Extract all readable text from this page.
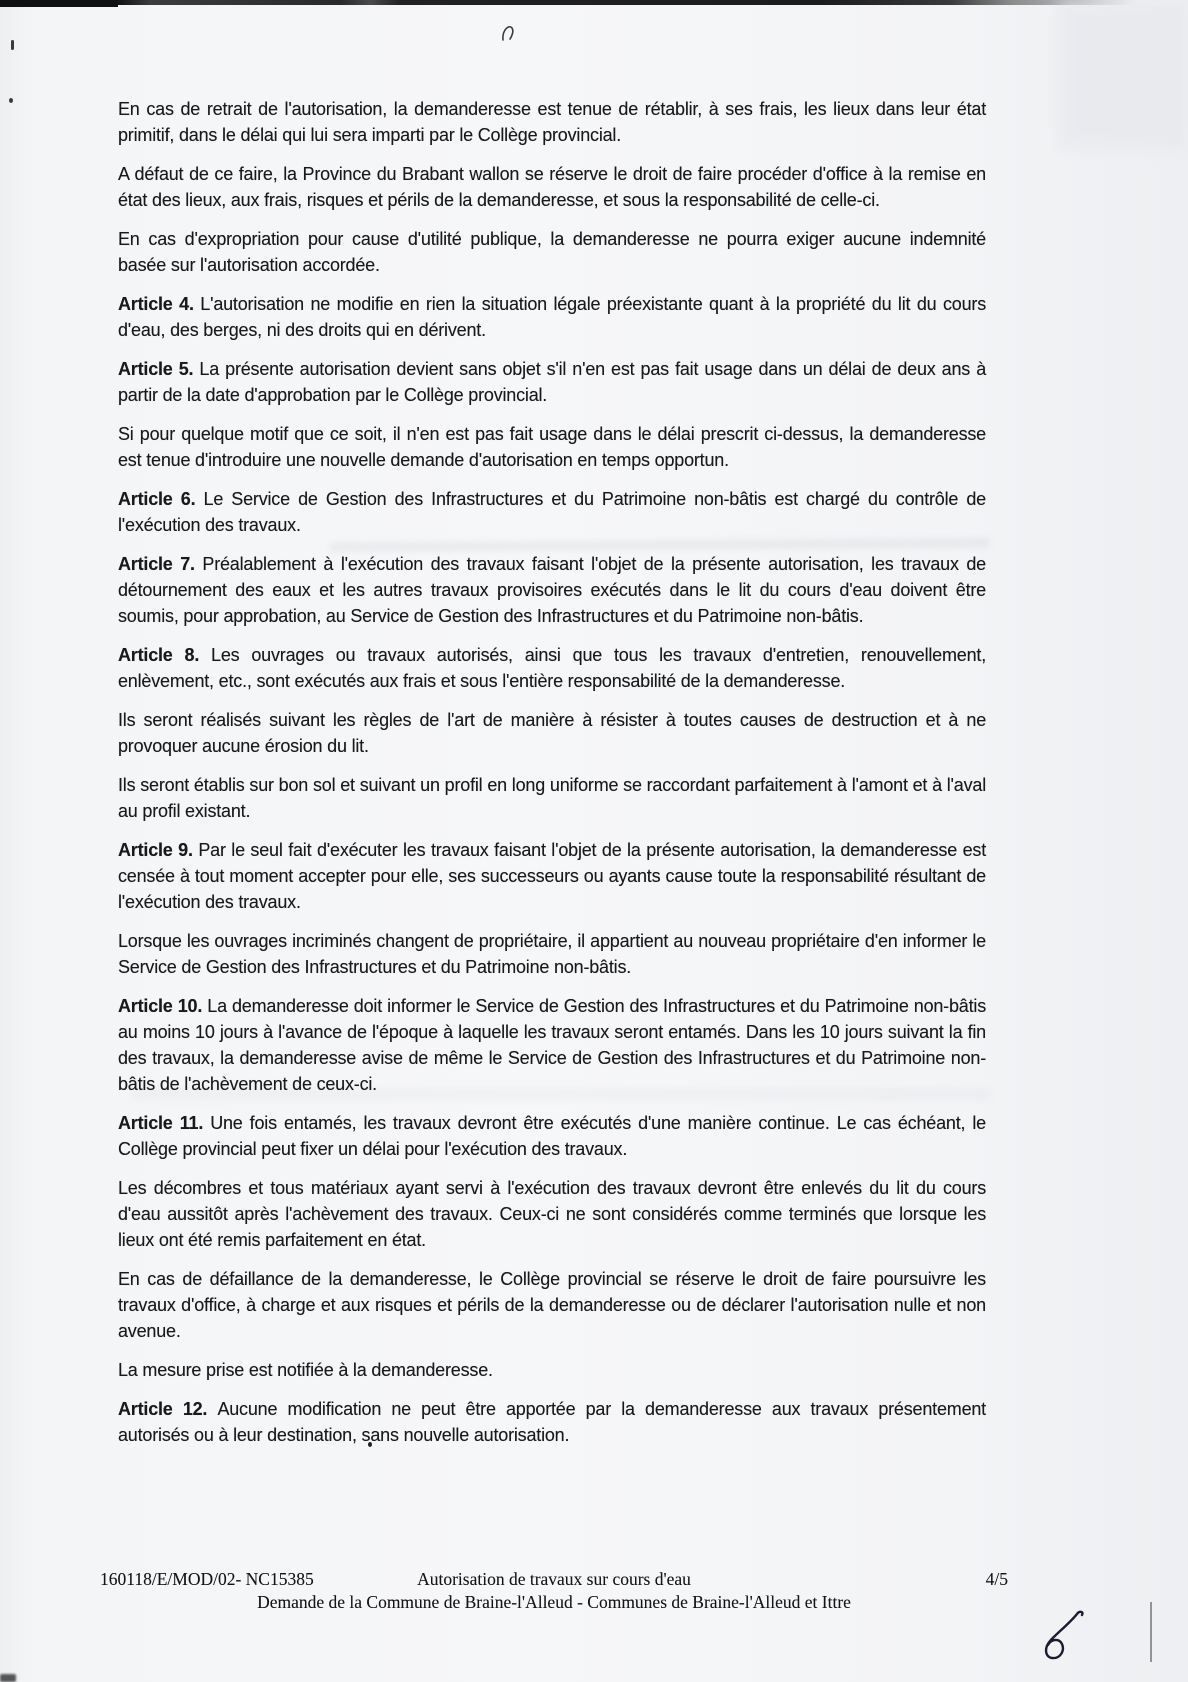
En cas de retrait de l'autorisation, la demanderesse est tenue de rétablir, à ses frais, les lieux dans leur état primitif, dans le délai qui lui sera imparti par le Collège provincial.

A défaut de ce faire, la Province du Brabant wallon se réserve le droit de faire procéder d'office à la remise en état des lieux, aux frais, risques et périls de la demanderesse, et sous la responsabilité de celle-ci.

En cas d'expropriation pour cause d'utilité publique, la demanderesse ne pourra exiger aucune indemnité basée sur l'autorisation accordée.

Article 4. L'autorisation ne modifie en rien la situation légale préexistante quant à la propriété du lit du cours d'eau, des berges, ni des droits qui en dérivent.

Article 5. La présente autorisation devient sans objet s'il n'en est pas fait usage dans un délai de deux ans à partir de la date d'approbation par le Collège provincial.

Si pour quelque motif que ce soit, il n'en est pas fait usage dans le délai prescrit ci-dessus, la demanderesse est tenue d'introduire une nouvelle demande d'autorisation en temps opportun.

Article 6. Le Service de Gestion des Infrastructures et du Patrimoine non-bâtis est chargé du contrôle de l'exécution des travaux.

Article 7. Préalablement à l'exécution des travaux faisant l'objet de la présente autorisation, les travaux de détournement des eaux et les autres travaux provisoires exécutés dans le lit du cours d'eau doivent être soumis, pour approbation, au Service de Gestion des Infrastructures et du Patrimoine non-bâtis.

Article 8. Les ouvrages ou travaux autorisés, ainsi que tous les travaux d'entretien, renouvellement, enlèvement, etc., sont exécutés aux frais et sous l'entière responsabilité de la demanderesse.

Ils seront réalisés suivant les règles de l'art de manière à résister à toutes causes de destruction et à ne provoquer aucune érosion du lit.

Ils seront établis sur bon sol et suivant un profil en long uniforme se raccordant parfaitement à l'amont et à l'aval au profil existant.

Article 9. Par le seul fait d'exécuter les travaux faisant l'objet de la présente autorisation, la demanderesse est censée à tout moment accepter pour elle, ses successeurs ou ayants cause toute la responsabilité résultant de l'exécution des travaux.

Lorsque les ouvrages incriminés changent de propriétaire, il appartient au nouveau propriétaire d'en informer le Service de Gestion des Infrastructures et du Patrimoine non-bâtis.

Article 10. La demanderesse doit informer le Service de Gestion des Infrastructures et du Patrimoine non-bâtis au moins 10 jours à l'avance de l'époque à laquelle les travaux seront entamés. Dans les 10 jours suivant la fin des travaux, la demanderesse avise de même le Service de Gestion des Infrastructures et du Patrimoine non-bâtis de l'achèvement de ceux-ci.

Article 11. Une fois entamés, les travaux devront être exécutés d'une manière continue. Le cas échéant, le Collège provincial peut fixer un délai pour l'exécution des travaux.

Les décombres et tous matériaux ayant servi à l'exécution des travaux devront être enlevés du lit du cours d'eau aussitôt après l'achèvement des travaux. Ceux-ci ne sont considérés comme terminés que lorsque les lieux ont été remis parfaitement en état.

En cas de défaillance de la demanderesse, le Collège provincial se réserve le droit de faire poursuivre les travaux d'office, à charge et aux risques et périls de la demanderesse ou de déclarer l'autorisation nulle et non avenue.

La mesure prise est notifiée à la demanderesse.

Article 12. Aucune modification ne peut être apportée par la demanderesse aux travaux présentement autorisés ou à leur destination, sans nouvelle autorisation.

160118/E/MOD/02- NC15385	Autorisation de travaux sur cours d'eau	4/5
Demande de la Commune de Braine-l'Alleud - Communes de Braine-l'Alleud et Ittre
